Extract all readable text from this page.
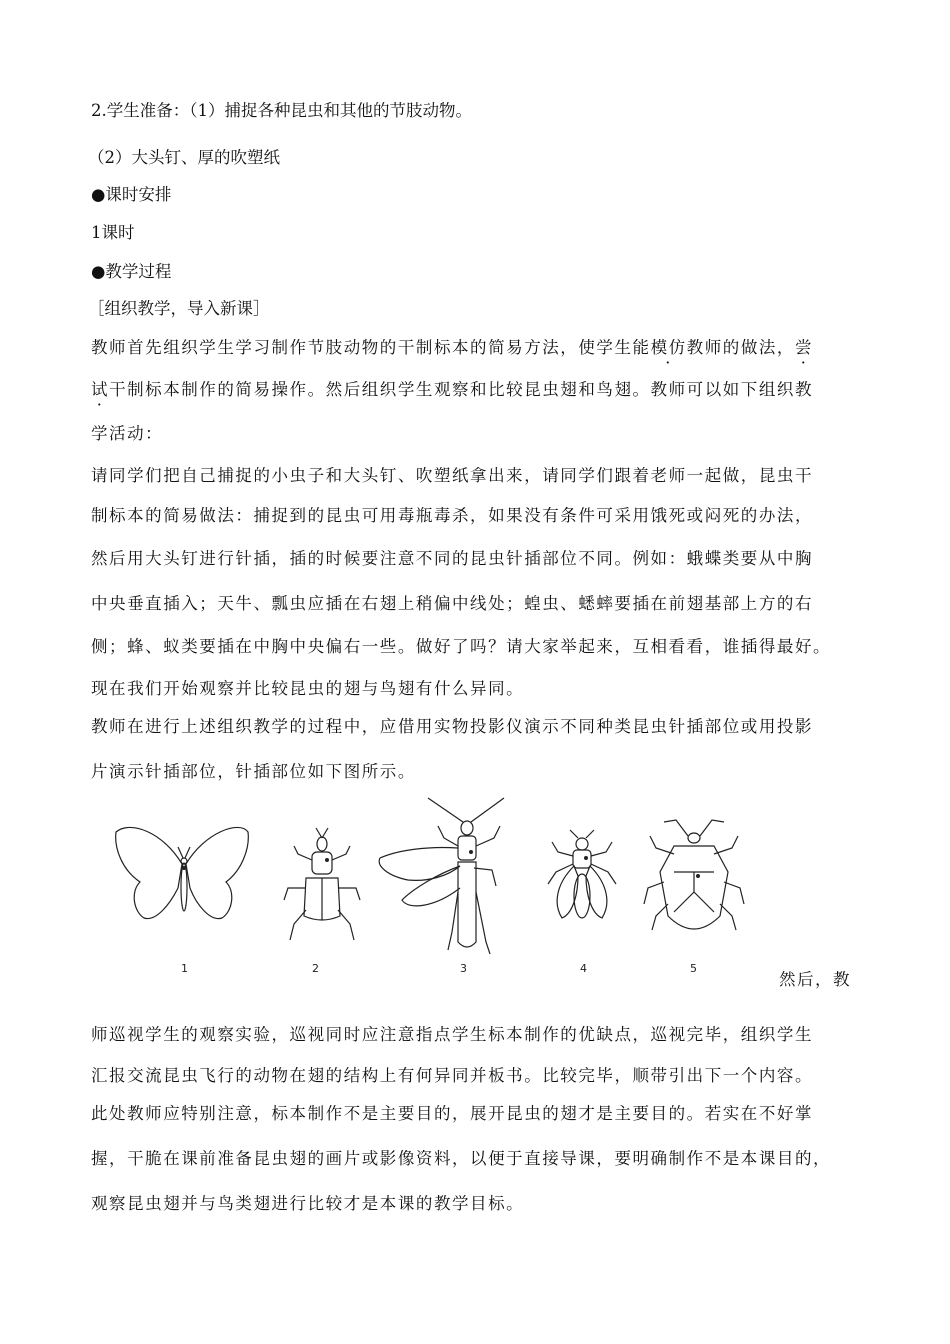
2.学生准备：（1）捕捉各种昆虫和其他的节肢动物。
（2）大头钉、厚的吹塑纸
●课时安排
1课时
●教学过程
［组织教学，导入新课］
教师首先组织学生学习制作节肢动物的干制标本的简易方法，使学生能模仿教师的做法，尝
试干制标本制作的简易操作。然后组织学生观察和比较昆虫翅和鸟翅。教师可以如下组织教
学活动：
请同学们把自己捕捉的小虫子和大头钉、吹塑纸拿出来，请同学们跟着老师一起做，昆虫干
制标本的简易做法：捕捉到的昆虫可用毒瓶毒杀，如果没有条件可采用饿死或闷死的办法，
然后用大头钉进行针插，插的时候要注意不同的昆虫针插部位不同。例如：蛾蝶类要从中胸
中央垂直插入；天牛、瓢虫应插在右翅上稍偏中线处；蝗虫、蟋蟀要插在前翅基部上方的右
侧；蜂、蚁类要插在中胸中央偏右一些。做好了吗？请大家举起来，互相看看，谁插得最好。
现在我们开始观察并比较昆虫的翅与鸟翅有什么异同。
教师在进行上述组织教学的过程中，应借用实物投影仪演示不同种类昆虫针插部位或用投影
片演示针插部位，针插部位如下图所示。
1	2	3	4	5
然后，教
师巡视学生的观察实验，巡视同时应注意指点学生标本制作的优缺点，巡视完毕，组织学生
汇报交流昆虫飞行的动物在翅的结构上有何异同并板书。比较完毕，顺带引出下一个内容。
此处教师应特别注意，标本制作不是主要目的，展开昆虫的翅才是主要目的。若实在不好掌
握，干脆在课前准备昆虫翅的画片或影像资料，以便于直接导课，要明确制作不是本课目的，
观察昆虫翅并与鸟类翅进行比较才是本课的教学目标。
